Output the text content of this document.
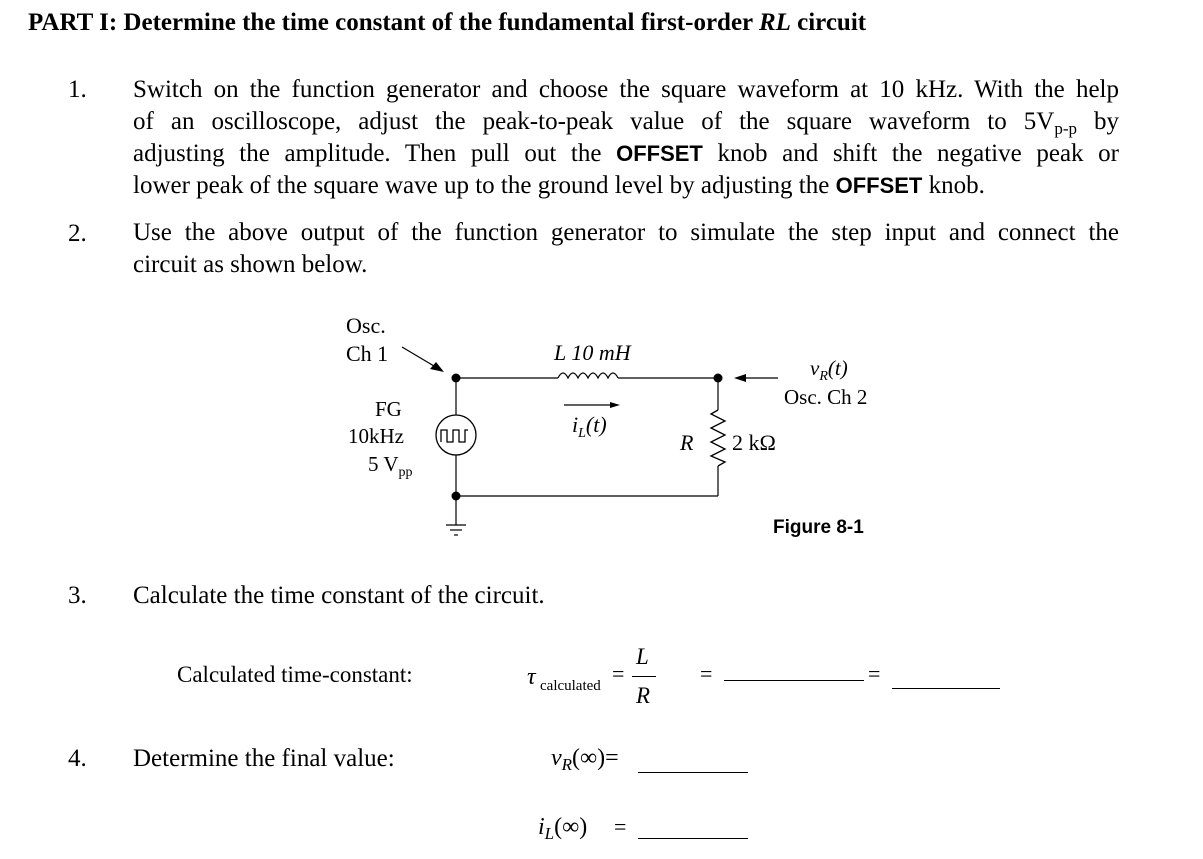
PART I: Determine the time constant of the fundamental first-order RL circuit
1. Switch on the function generator and choose the square waveform at 10 kHz. With the help
of an oscilloscope, adjust the peak-to-peak value of the square waveform to $5V_{p-p}$ by
adjusting the amplitude. Then pull out the OFFSET knob and shift the negative peak or
lower peak of the square wave up to the ground level by adjusting the OFFSET knob.
2. Use the above output of the function generator to simulate the step input and connect the
circuit as shown below.
Osc.
Ch 1	L 10 mH
$i_L(t)$
FG
10kHz
5 $V_{pp}$
R 2 kΩ
$v_R(t)$
Osc. Ch 2
Figure 8-1
3. Calculate the time constant of the circuit.
Calculated time-constant:	τ calculated =
L
R
=	=
4. Determine the final value:	$v_R(\infty)=$
$i_L(\infty)$ =
